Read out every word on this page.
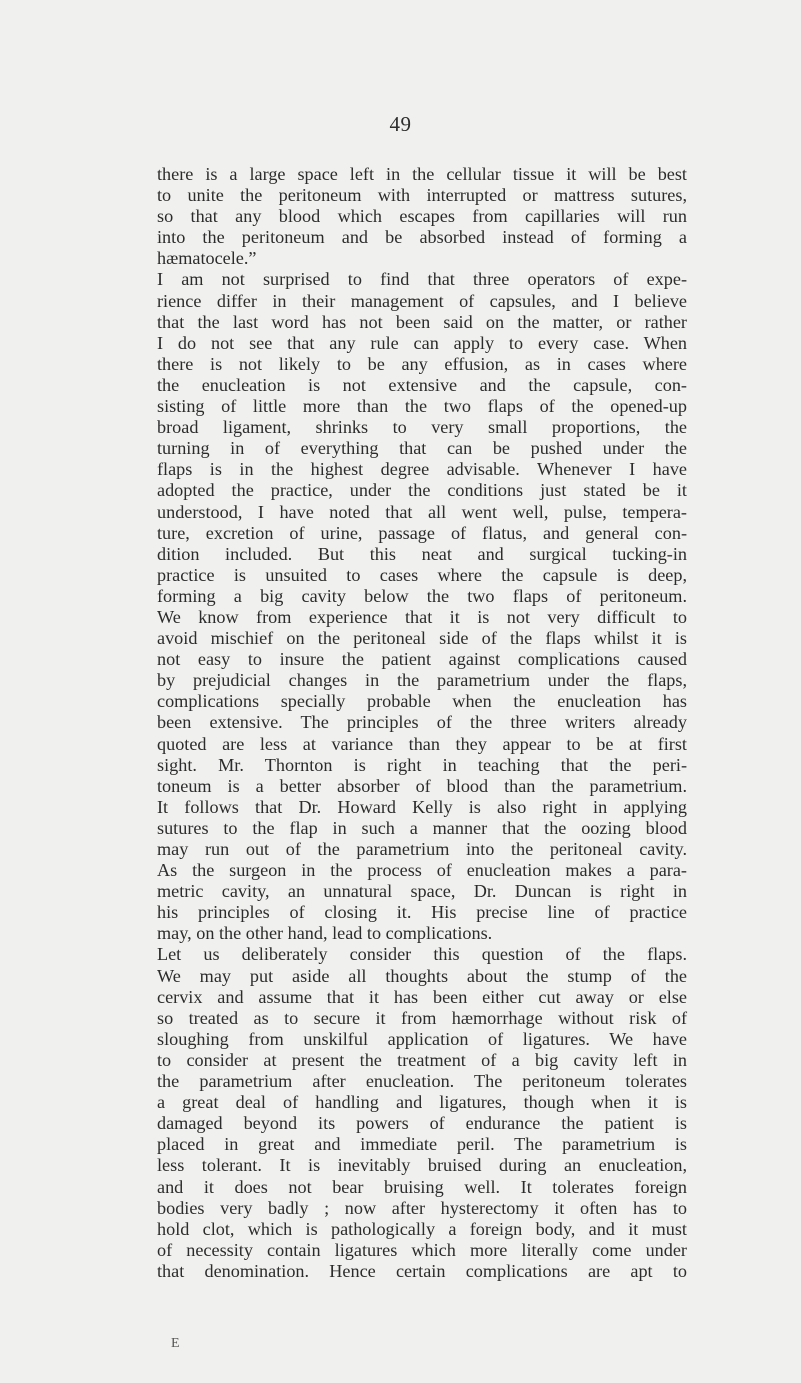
49
there is a large space left in the cellular tissue it will be best
to unite the peritoneum with interrupted or mattress sutures,
so that any blood which escapes from capillaries will run
into the peritoneum and be absorbed instead of forming a
hæmatocele.”
I am not surprised to find that three operators of expe-
rience differ in their management of capsules, and I believe
that the last word has not been said on the matter, or rather
I do not see that any rule can apply to every case. When
there is not likely to be any effusion, as in cases where
the enucleation is not extensive and the capsule, con-
sisting of little more than the two flaps of the opened-up
broad ligament, shrinks to very small proportions, the
turning in of everything that can be pushed under the
flaps is in the highest degree advisable. Whenever I have
adopted the practice, under the conditions just stated be it
understood, I have noted that all went well, pulse, tempera-
ture, excretion of urine, passage of flatus, and general con-
dition included. But this neat and surgical tucking-in
practice is unsuited to cases where the capsule is deep,
forming a big cavity below the two flaps of peritoneum.
We know from experience that it is not very difficult to
avoid mischief on the peritoneal side of the flaps whilst it is
not easy to insure the patient against complications caused
by prejudicial changes in the parametrium under the flaps,
complications specially probable when the enucleation has
been extensive. The principles of the three writers already
quoted are less at variance than they appear to be at first
sight. Mr. Thornton is right in teaching that the peri-
toneum is a better absorber of blood than the parametrium.
It follows that Dr. Howard Kelly is also right in applying
sutures to the flap in such a manner that the oozing blood
may run out of the parametrium into the peritoneal cavity.
As the surgeon in the process of enucleation makes a para-
metric cavity, an unnatural space, Dr. Duncan is right in
his principles of closing it. His precise line of practice
may, on the other hand, lead to complications.
Let us deliberately consider this question of the flaps.
We may put aside all thoughts about the stump of the
cervix and assume that it has been either cut away or else
so treated as to secure it from hæmorrhage without risk of
sloughing from unskilful application of ligatures. We have
to consider at present the treatment of a big cavity left in
the parametrium after enucleation. The peritoneum tolerates
a great deal of handling and ligatures, though when it is
damaged beyond its powers of endurance the patient is
placed in great and immediate peril. The parametrium is
less tolerant. It is inevitably bruised during an enucleation,
and it does not bear bruising well. It tolerates foreign
bodies very badly ; now after hysterectomy it often has to
hold clot, which is pathologically a foreign body, and it must
of necessity contain ligatures which more literally come under
that denomination. Hence certain complications are apt to
E
